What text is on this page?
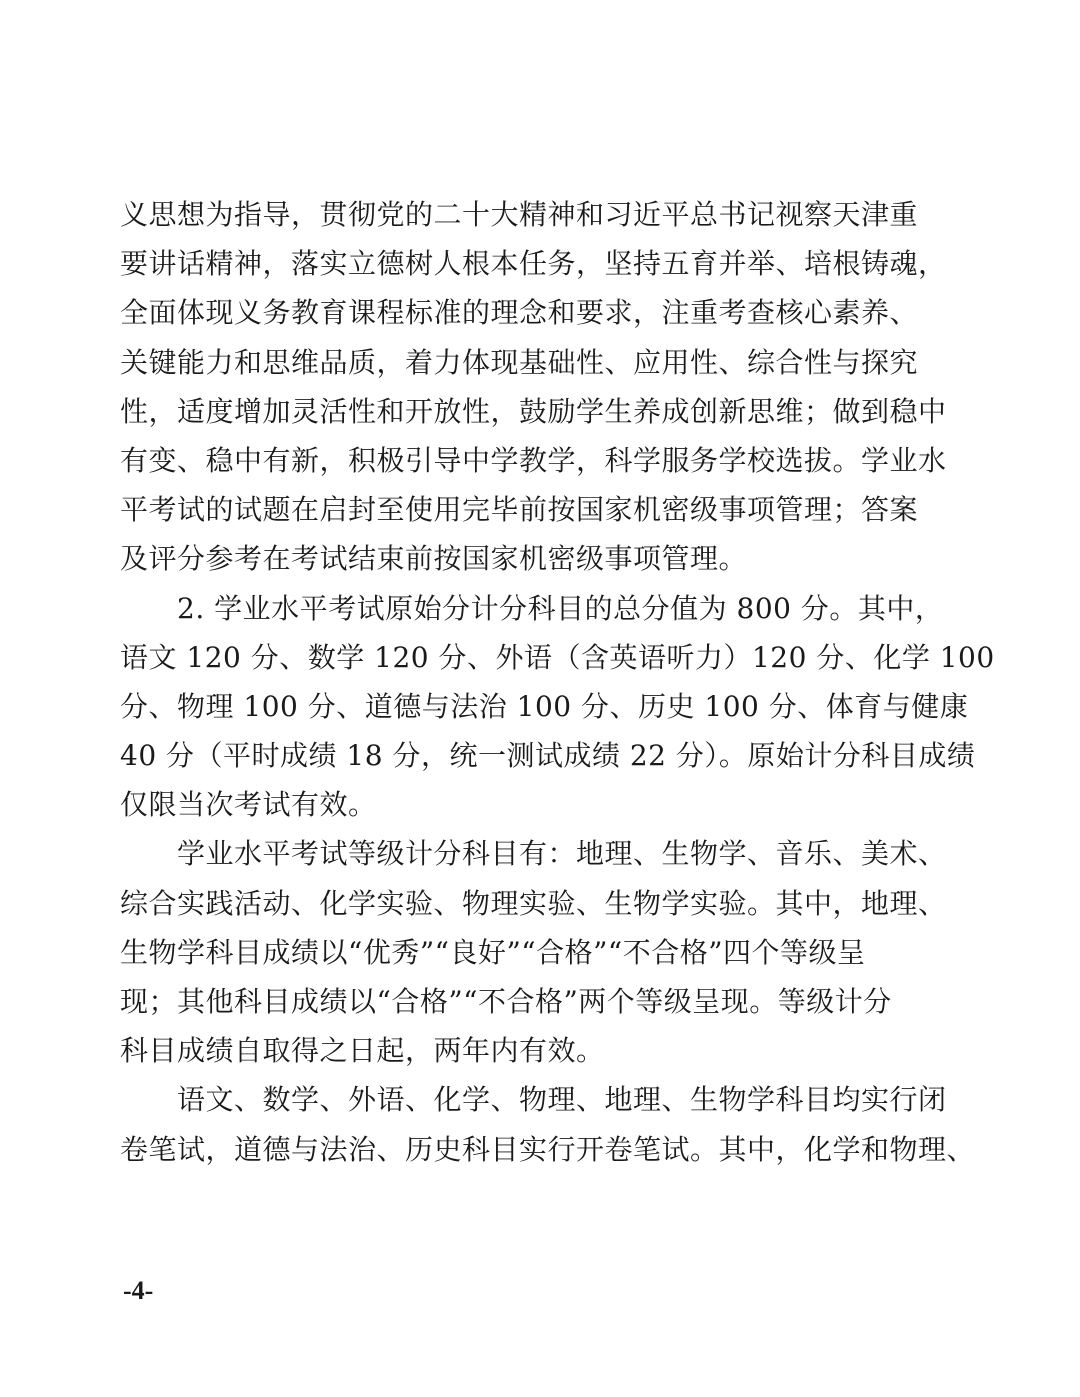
义思想为指导，贯彻党的二十大精神和习近平总书记视察天津重
要讲话精神，落实立德树人根本任务，坚持五育并举、培根铸魂，
全面体现义务教育课程标准的理念和要求，注重考查核心素养、
关键能力和思维品质，着力体现基础性、应用性、综合性与探究
性，适度增加灵活性和开放性，鼓励学生养成创新思维；做到稳中
有变、稳中有新，积极引导中学教学，科学服务学校选拔。学业水
平考试的试题在启封至使用完毕前按国家机密级事项管理；答案
及评分参考在考试结束前按国家机密级事项管理。
　　2. 学业水平考试原始分计分科目的总分值为 800 分。其中，
语文 120 分、数学 120 分、外语（含英语听力）120 分、化学 100
分、物理 100 分、道德与法治 100 分、历史 100 分、体育与健康
40 分（平时成绩 18 分，统一测试成绩 22 分）。原始计分科目成绩
仅限当次考试有效。
　　学业水平考试等级计分科目有：地理、生物学、音乐、美术、
综合实践活动、化学实验、物理实验、生物学实验。其中，地理、
生物学科目成绩以“优秀”“良好”“合格”“不合格”四个等级呈
现；其他科目成绩以“合格”“不合格”两个等级呈现。等级计分
科目成绩自取得之日起，两年内有效。
　　语文、数学、外语、化学、物理、地理、生物学科目均实行闭
卷笔试，道德与法治、历史科目实行开卷笔试。其中，化学和物理、
-4-
